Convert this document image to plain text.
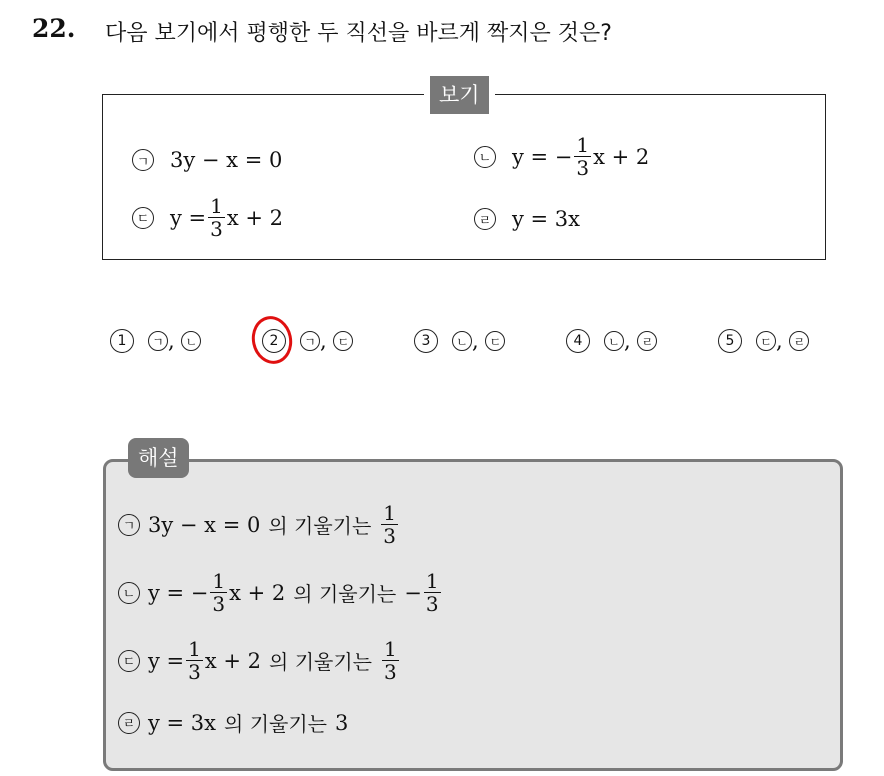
22. 다음 보기에서 평행한 두 직선을 바르게 짝지은 것은?
보기
ㄱ 3y − x = 0	ㄴ y = − $\frac{1}{3}$ x + 2
ㄷ $y = \frac{1}{3}$ x + 2	ㄹ y = 3x
1	ㄱ , ㄴ	2	ㄱ , ㄷ	3	ㄴ , ㄷ	4	ㄴ , ㄹ	5	ㄷ , ㄹ
해설
ㄱ 3y − x = 0 의 기울기는 $\frac{1}{3}$
ㄴ y = − $\frac{1}{3}$ x + 2 의 기울기는 − $\frac{1}{3}$
ㄷ $y = \frac{1}{3}$ x + 2 의 기울기는 $\frac{1}{3}$
ㄹ y = 3x 의 기울기는 3
